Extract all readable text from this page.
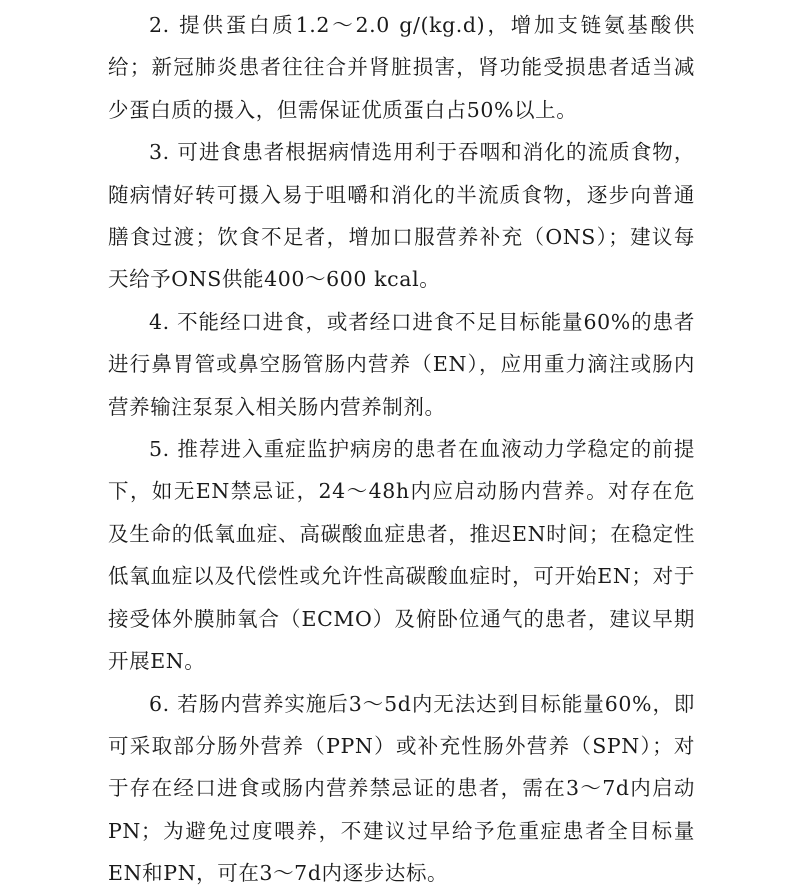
2. 提供蛋白质1.2～2.0 g/(kg.d)，增加支链氨基酸供给；新冠肺炎患者往往合并肾脏损害，肾功能受损患者适当减少蛋白质的摄入，但需保证优质蛋白占50%以上。

3. 可进食患者根据病情选用利于吞咽和消化的流质食物，随病情好转可摄入易于咀嚼和消化的半流质食物，逐步向普通膳食过渡；饮食不足者，增加口服营养补充（ONS）；建议每天给予ONS供能400～600 kcal。

4. 不能经口进食，或者经口进食不足目标能量60%的患者进行鼻胃管或鼻空肠管肠内营养（EN），应用重力滴注或肠内营养输注泵泵入相关肠内营养制剂。

5. 推荐进入重症监护病房的患者在血液动力学稳定的前提下，如无EN禁忌证，24～48h内应启动肠内营养。对存在危及生命的低氧血症、高碳酸血症患者，推迟EN时间；在稳定性低氧血症以及代偿性或允许性高碳酸血症时，可开始EN；对于接受体外膜肺氧合（ECMO）及俯卧位通气的患者，建议早期开展EN。

6. 若肠内营养实施后3～5d内无法达到目标能量60%，即可采取部分肠外营养（PPN）或补充性肠外营养（SPN）；对于存在经口进食或肠内营养禁忌证的患者，需在3～7d内启动PN；为避免过度喂养，不建议过早给予危重症患者全目标量EN和PN，可在3～7d内逐步达标。
